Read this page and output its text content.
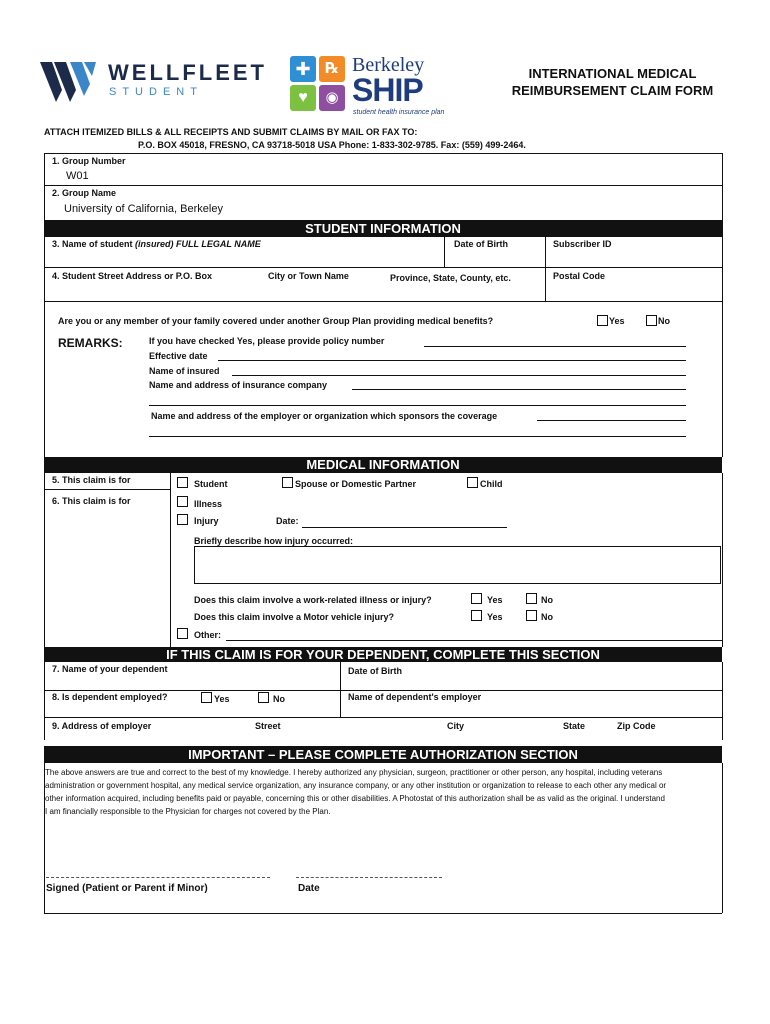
WELLFLEET
STUDENT
✚ ℞
♥	◉
Berkeley
SHIP
student health insurance plan
INTERNATIONAL MEDICAL
REIMBURSEMENT CLAIM FORM
ATTACH ITEMIZED BILLS & ALL RECEIPTS AND SUBMIT CLAIMS BY MAIL OR FAX TO:
P.O. BOX 45018, FRESNO, CA 93718-5018 USA Phone: 1-833-302-9785. Fax: (559) 499-2464.
1. Group Number
W01
2. Group Name
University of California, Berkeley
STUDENT INFORMATION
3. Name of student (insured) FULL LEGAL NAME	Date of Birth	Subscriber ID
4. Student Street Address or P.O. Box	City or Town Name	Province, State, County, etc.	Postal Code
Are you or any member of your family covered under another Group Plan providing medical benefits?	Yes	No
REMARKS:	If you have checked Yes, please provide policy number
Effective date
Name of insured
Name and address of insurance company
Name and address of the employer or organization which sponsors the coverage
MEDICAL INFORMATION
5. This claim is for	Student	Spouse or Domestic Partner	Child
6. This claim is for	Illness
Injury	Date:
Briefly describe how injury occurred:
Does this claim involve a work-related illness or injury?	Yes	No
Does this claim involve a Motor vehicle injury?	Yes	No
Other:
IF THIS CLAIM IS FOR YOUR DEPENDENT, COMPLETE THIS SECTION
7. Name of your dependent	Date of Birth
8. Is dependent employed?	Yes	No	Name of dependent's employer
9. Address of employer	Street	City	State	Zip Code
IMPORTANT – PLEASE COMPLETE AUTHORIZATION SECTION
The above answers are true and correct to the best of my knowledge. I hereby authorized any physician, surgeon, practitioner or other person, any hospital, including veterans
administration or government hospital, any medical service organization, any insurance company, or any other institution or organization to release to each other any medical or
other information acquired, including benefits paid or payable, concerning this or other disabilities. A Photostat of this authorization shall be as valid as the original. I understand
I am financially responsible to the Physician for charges not covered by the Plan.
Signed (Patient or Parent if Minor)	Date
